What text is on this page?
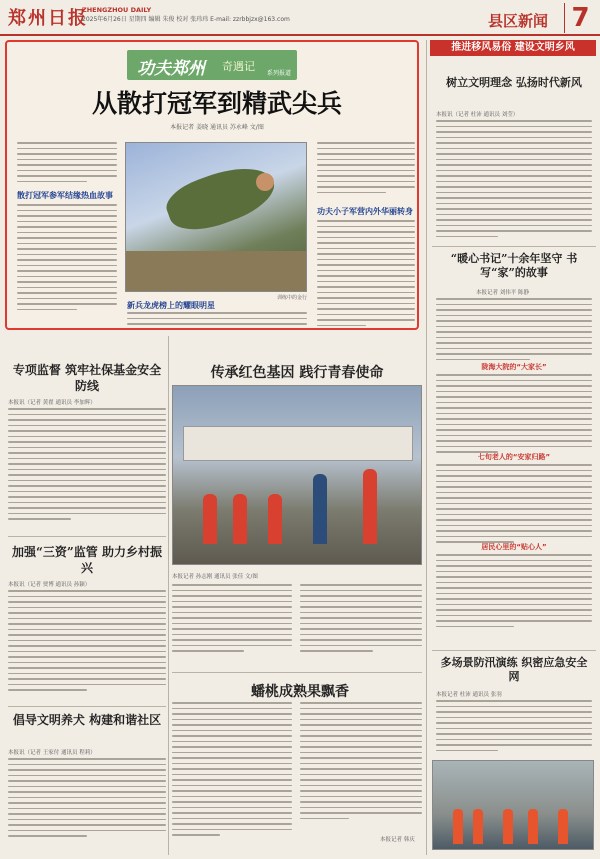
郑州日报
ZHENGZHOU DAILY
2025年6月26日 星期四 编辑 朱俊 校对 张玮玮 E-mail: zzrbbjzx@163.com	县区新闻 7
功夫郑州 奇遇记
系列报道
从散打冠军到精武尖兵
本报记者 姜晓 通讯员 苏永峰 文/图
散打冠军参军结缘热血故事
训练中的金行
新兵龙虎榜上的耀眼明星
功夫小子军营内外华丽转身
推进移风易俗 建设文明乡风
树立文明理念 弘扬时代新风
本报讯（记者 杜沛 通讯员 刘莹）
“暖心书记”十余年坚守 书写“家”的故事
本报记者 刘伟平 陈静
陇海大院的“大家长”
七旬老人的“安家归路”
居民心里的“贴心人”
多场景防汛演练 织密应急安全网
本报记者 杜沛 通讯员 张羽
专项监督 筑牢社保基金安全防线
本报讯（记者 黄翟 通讯员 李加辉）
加强“三资”监管 助力乡村振兴
本报讯（记者 贾博 通讯员 孙颖）
倡导文明养犬 构建和谐社区
本报讯（记者 王家付 通讯员 程莉）
传承红色基因 践行青春使命
本报记者 孙志刚 通讯员 张佳 文/图
蟠桃成熟果飘香
本报记者 韩庆
